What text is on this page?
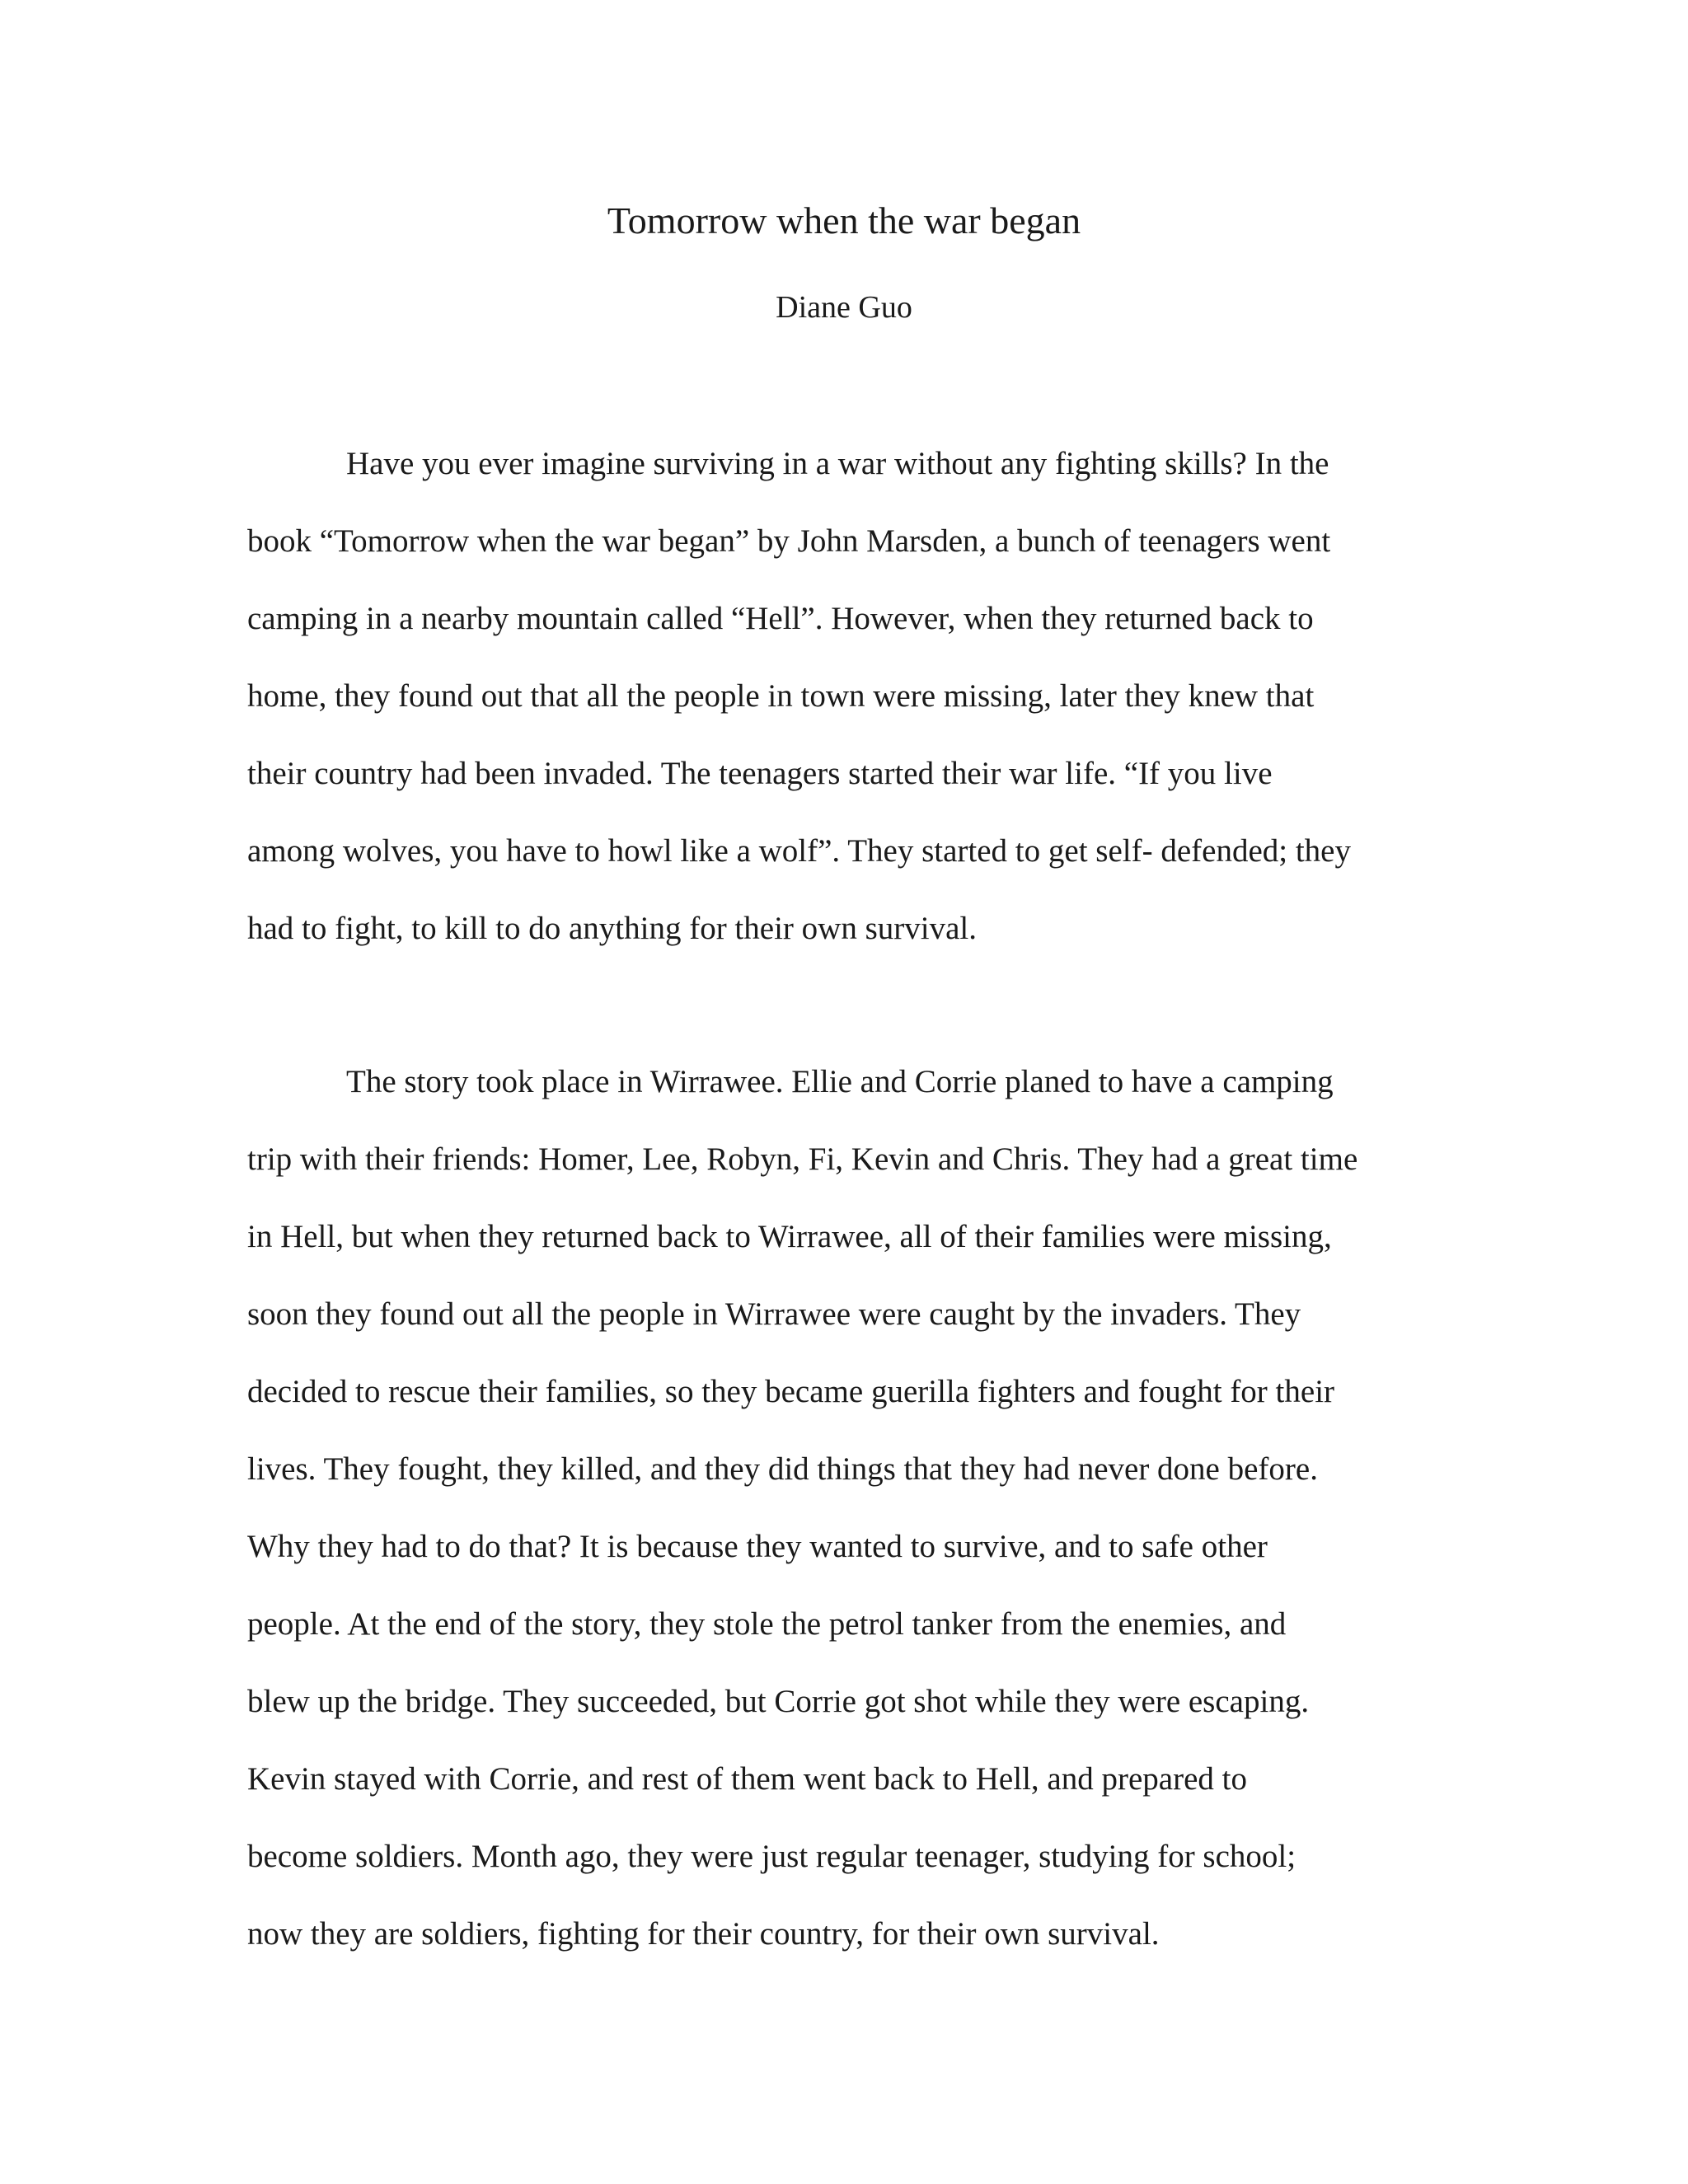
Tomorrow when the war began
Diane Guo
Have you ever imagine surviving in a war without any fighting skills? In the
book “Tomorrow when the war began” by John Marsden, a bunch of teenagers went
camping in a nearby mountain called “Hell”. However, when they returned back to
home, they found out that all the people in town were missing, later they knew that
their country had been invaded. The teenagers started their war life. “If you live
among wolves, you have to howl like a wolf”. They started to get self- defended; they
had to fight, to kill to do anything for their own survival.
The story took place in Wirrawee. Ellie and Corrie planed to have a camping
trip with their friends: Homer, Lee, Robyn, Fi, Kevin and Chris. They had a great time
in Hell, but when they returned back to Wirrawee, all of their families were missing,
soon they found out all the people in Wirrawee were caught by the invaders. They
decided to rescue their families, so they became guerilla fighters and fought for their
lives. They fought, they killed, and they did things that they had never done before.
Why they had to do that? It is because they wanted to survive, and to safe other
people. At the end of the story, they stole the petrol tanker from the enemies, and
blew up the bridge. They succeeded, but Corrie got shot while they were escaping.
Kevin stayed with Corrie, and rest of them went back to Hell, and prepared to
become soldiers. Month ago, they were just regular teenager, studying for school;
now they are soldiers, fighting for their country, for their own survival.
